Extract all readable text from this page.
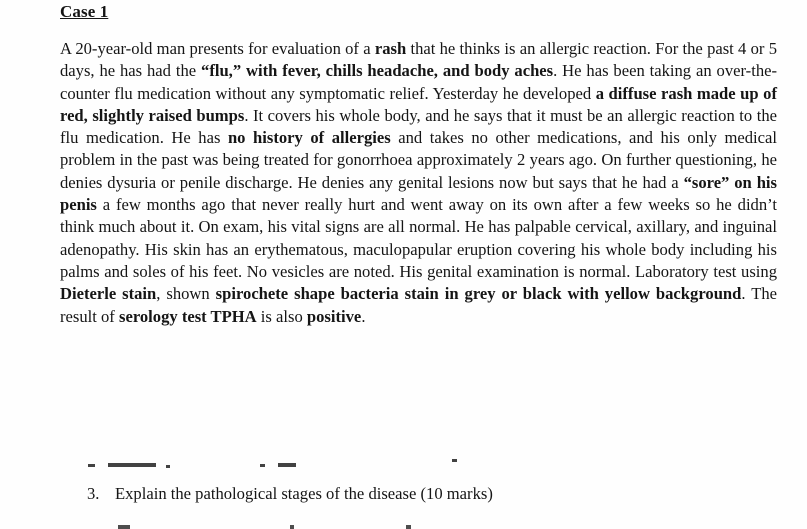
Case 1

A 20-year-old man presents for evaluation of a rash that he thinks is an allergic reaction. For the past 4 or 5 days, he has had the “flu,” with fever, chills headache, and body aches. He has been taking an over-the-counter flu medication without any symptomatic relief. Yesterday he developed a diffuse rash made up of red, slightly raised bumps. It covers his whole body, and he says that it must be an allergic reaction to the flu medication. He has no history of allergies and takes no other medications, and his only medical problem in the past was being treated for gonorrhoea approximately 2 years ago. On further questioning, he denies dysuria or penile discharge. He denies any genital lesions now but says that he had a “sore” on his penis a few months ago that never really hurt and went away on its own after a few weeks so he didn’t think much about it. On exam, his vital signs are all normal. He has palpable cervical, axillary, and inguinal adenopathy. His skin has an erythematous, maculopapular eruption covering his whole body including his palms and soles of his feet. No vesicles are noted. His genital examination is normal. Laboratory test using Dieterle stain, shown spirochete shape bacteria stain in grey or black with yellow background. The result of serology test TPHA is also positive.

3. Explain the pathological stages of the disease (10 marks)
